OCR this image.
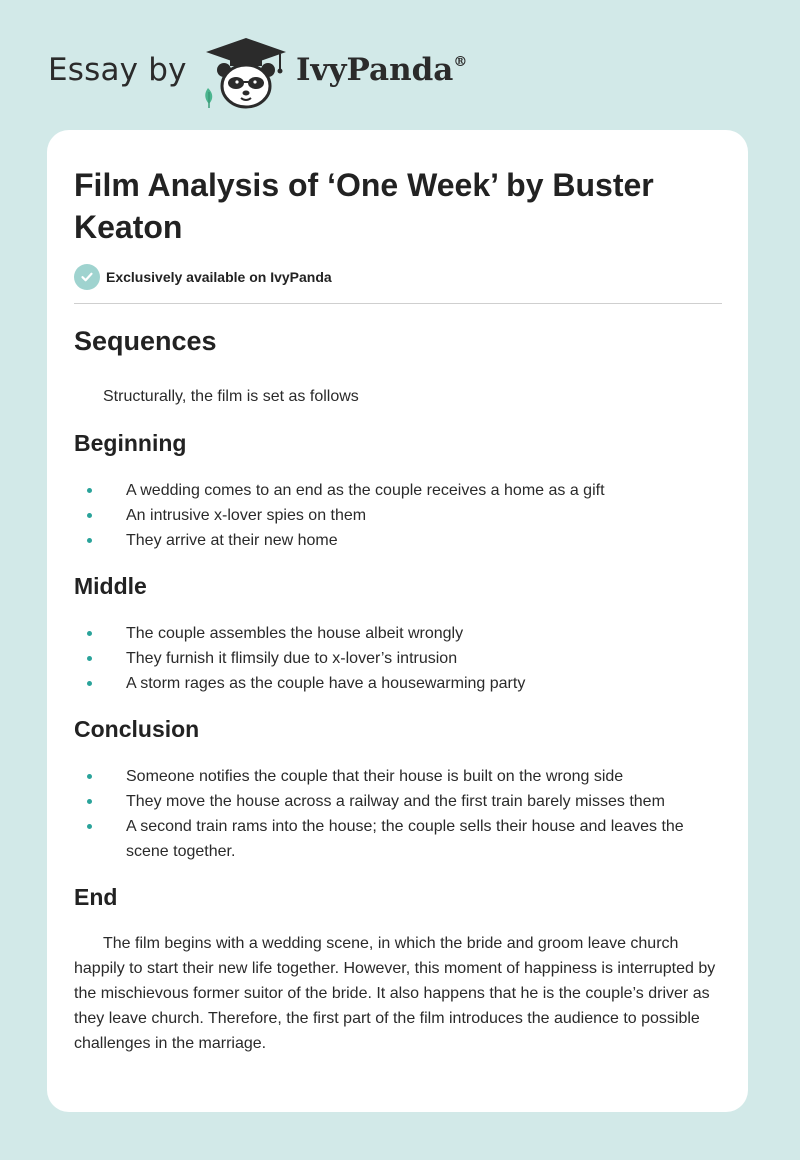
Essay by	IvyPanda®
Film Analysis of ‘One Week’ by Buster Keaton
Exclusively available on IvyPanda
Sequences

Structurally, the film is set as follows

Beginning
A wedding comes to an end as the couple receives a home as a gift
An intrusive x-lover spies on them
They arrive at their new home
Middle
The couple assembles the house albeit wrongly
They furnish it flimsily due to x-lover’s intrusion
A storm rages as the couple have a housewarming party
Conclusion
Someone notifies the couple that their house is built on the wrong side
They move the house across a railway and the first train barely misses them
A second train rams into the house; the couple sells their house and leaves the scene together.
End

The film begins with a wedding scene, in which the bride and groom leave church happily to start their new life together. However, this moment of happiness is interrupted by the mischievous former suitor of the bride. It also happens that he is the couple’s driver as they leave church. Therefore, the first part of the film introduces the audience to possible challenges in the marriage.
